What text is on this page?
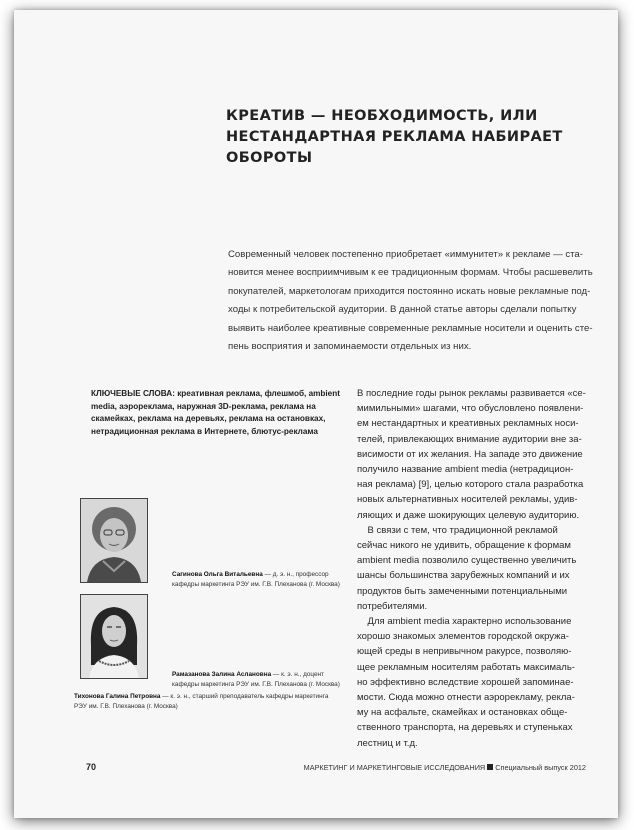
КРЕАТИВ — НЕОБХОДИМОСТЬ, ИЛИ
НЕСТАНДАРТНАЯ РЕКЛАМА НАБИРАЕТ
ОБОРОТЫ
Современный человек постепенно приобретает «иммунитет» к рекламе — ста-
новится менее восприимчивым к ее традиционным формам. Чтобы расшевелить
покупателей, маркетологам приходится постоянно искать новые рекламные под-
ходы к потребительской аудитории. В данной статье авторы сделали попытку
выявить наиболее креативные современные рекламные носители и оценить сте-
пень восприятия и запоминаемости отдельных из них.
КЛЮЧЕВЫЕ СЛОВА: креативная реклама, флешмоб, ambient
media, аэрореклама, наружная 3D-реклама, реклама на
скамейках, реклама на деревьях, реклама на остановках,
нетрадиционная реклама в Интернете, блютус-реклама
В последние годы рынок рекламы развивается «се-
мимильными» шагами, что обусловлено появлени-
ем нестандартных и креативных рекламных носи-
телей, привлекающих внимание аудитории вне за-
висимости от их желания. На западе это движение
получило название ambient media (нетрадицион-
ная реклама) [9], целью которого стала разработка
новых альтернативных носителей рекламы, удив-
ляющих и даже шокирующих целевую аудиторию.
В связи с тем, что традиционной рекламой
сейчас никого не удивить, обращение к формам
ambient media позволило существенно увеличить
шансы большинства зарубежных компаний и их
продуктов быть замеченными потенциальными
потребителями.
Для ambient media характерно использование
хорошо знакомых элементов городской окружа-
ющей среды в непривычном ракурсе, позволяю-
щее рекламным носителям работать максималь-
но эффективно вследствие хорошей запоминае-
мости. Сюда можно отнести аэрорекламу, рекла-
му на асфальте, скамейках и остановках обще-
ственного транспорта, на деревьях и ступеньках
лестниц и т.д.
Сагинова Ольга Витальевна — д. э. н., профессор
кафедры маркетинга РЭУ им. Г.В. Плеханова (г. Москва)
Рамазанова Залина Аслановна — к. э. н., доцент
кафедры маркетинга РЭУ им. Г.В. Плеханова (г. Москва)
Тихонова Галина Петровна — к. э. н., старший преподаватель кафедры маркетинга
РЭУ им. Г.В. Плеханова (г. Москва)
70	МАРКЕТИНГ И МАРКЕТИНГОВЫЕ ИССЛЕДОВАНИЯ Специальный выпуск 2012
